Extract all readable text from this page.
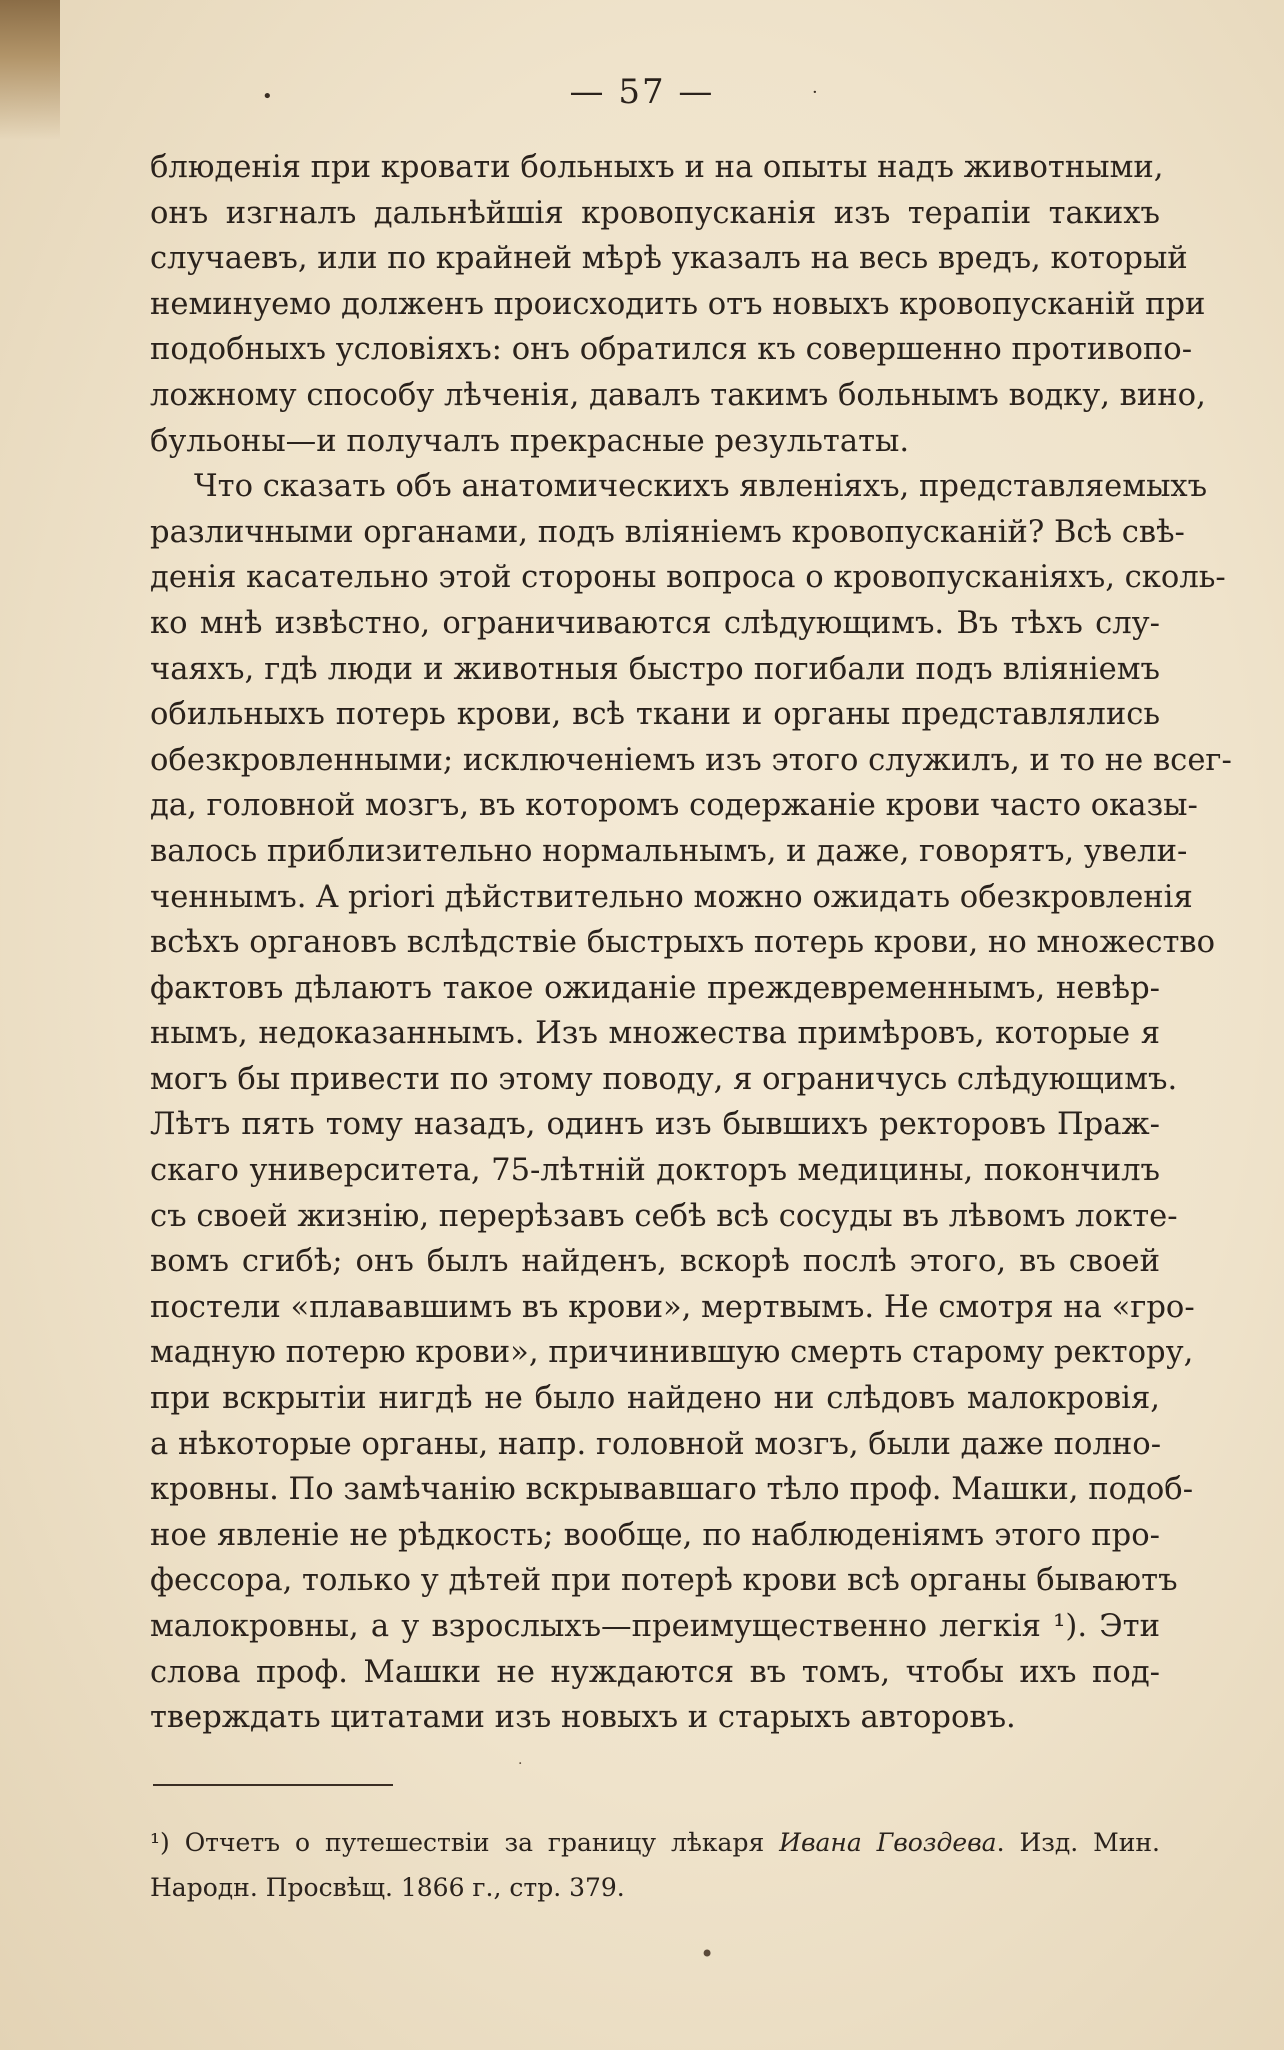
•	— 57 —	·

блюденія при кровати больныхъ и на опыты надъ животными,
онъ изгналъ дальнѣйшія кровопусканія изъ терапіи такихъ
случаевъ, или по крайней мѣрѣ указалъ на весь вредъ, который
неминуемо долженъ происходить отъ новыхъ кровопусканій при
подобныхъ условіяхъ: онъ обратился къ совершенно противопо-
ложному способу лѣченія, давалъ такимъ больнымъ водку, вино,
бульоны—и получалъ прекрасные результаты.

Что сказать объ анатомическихъ явленіяхъ, представляемыхъ
различными органами, подъ вліяніемъ кровопусканій? Всѣ свѣ-
денія касательно этой стороны вопроса о кровопусканіяхъ, сколь-
ко мнѣ извѣстно, ограничиваются слѣдующимъ. Въ тѣхъ слу-
чаяхъ, гдѣ люди и животныя быстро погибали подъ вліяніемъ
обильныхъ потерь крови, всѣ ткани и органы представлялись
обезкровленными; исключеніемъ изъ этого служилъ, и то не всег-
да, головной мозгъ, въ которомъ содержаніе крови часто оказы-
валось приблизительно нормальнымъ, и даже, говорятъ, увели-
ченнымъ. A priori дѣйствительно можно ожидать обезкровленія
всѣхъ органовъ вслѣдствіе быстрыхъ потерь крови, но множество
фактовъ дѣлаютъ такое ожиданіе преждевременнымъ, невѣр-
нымъ, недоказаннымъ. Изъ множества примѣровъ, которые я
могъ бы привести по этому поводу, я ограничусь слѣдующимъ.
Лѣтъ пять тому назадъ, одинъ изъ бывшихъ ректоровъ Праж-
скаго университета, 75-лѣтній докторъ медицины, покончилъ
съ своей жизнію, перерѣзавъ себѣ всѣ сосуды въ лѣвомъ локте-
вомъ сгибѣ; онъ былъ найденъ, вскорѣ послѣ этого, въ своей
постели «плававшимъ въ крови», мертвымъ. Не смотря на «гро-
мадную потерю крови», причинившую смерть старому ректору,
при вскрытіи нигдѣ не было найдено ни слѣдовъ малокровія,
а нѣкоторые органы, напр. головной мозгъ, были даже полно-
кровны. По замѣчанію вскрывавшаго тѣло проф. Машки, подоб-
ное явленіе не рѣдкость; вообще, по наблюденіямъ этого про-
фессора, только у дѣтей при потерѣ крови всѣ органы бываютъ
малокровны, а у взрослыхъ—преимущественно легкія ¹). Эти
слова проф. Машки не нуждаются въ томъ, чтобы ихъ под-
тверждать цитатами изъ новыхъ и старыхъ авторовъ.

·
¹) Отчетъ о путешествіи за границу лѣкаря Ивана Гвоздева. Изд. Мин.
Народн. Просвѣщ. 1866 г., стр. 379.
•
